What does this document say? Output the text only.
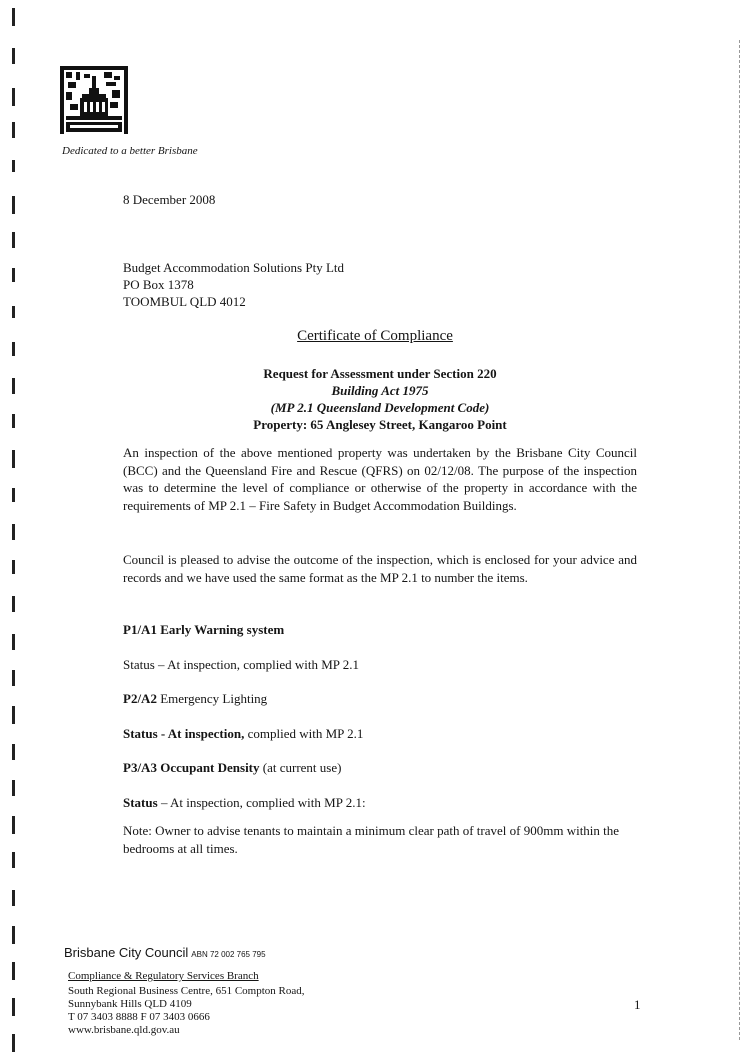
Dedicated to a better Brisbane
8 December 2008
Budget Accommodation Solutions Pty Ltd
PO Box 1378
TOOMBUL QLD 4012
Certificate of Compliance
Request for Assessment under Section 220
Building Act 1975
(MP 2.1 Queensland Development Code)
Property: 65 Anglesey Street, Kangaroo Point
An inspection of the above mentioned property was undertaken by the Brisbane City Council (BCC) and the Queensland Fire and Rescue (QFRS) on 02/12/08. The purpose of the inspection was to determine the level of compliance or otherwise of the property in accordance with the requirements of MP 2.1 – Fire Safety in Budget Accommodation Buildings.
Council is pleased to advise the outcome of the inspection, which is enclosed for your advice and records and we have used the same format as the MP 2.1 to number the items.
P1/A1 Early Warning system
Status – At inspection, complied with MP 2.1
P2/A2 Emergency Lighting
Status - At inspection, complied with MP 2.1
P3/A3 Occupant Density (at current use)
Status – At inspection, complied with MP 2.1:
Note: Owner to advise tenants to maintain a minimum clear path of travel of 900mm within the bedrooms at all times.
Brisbane City Council ABN 72 002 765 795
Compliance & Regulatory Services Branch
South Regional Business Centre, 651 Compton Road,
Sunnybank Hills QLD 4109
T 07 3403 8888 F 07 3403 0666
www.brisbane.qld.gov.au
1
